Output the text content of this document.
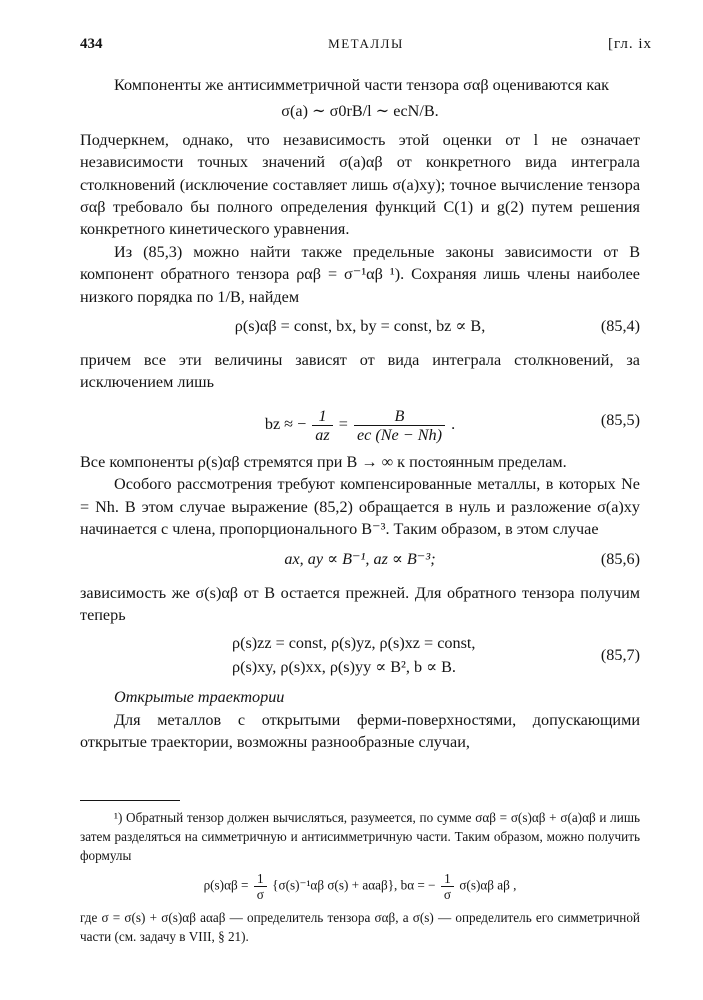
434	МЕТАЛЛЫ	[гл. ix

Компоненты же антисимметричной части тензора σαβ оцениваются как

σ(a) ∼ σ0rB/l ∼ ecN/B.

Подчеркнем, однако, что независимость этой оценки от l не означает независимости точных значений σ(a)αβ от конкретного вида интеграла столкновений (исключение составляет лишь σ(a)xy); точное вычисление тензора σαβ требовало бы полного определения функций C(1) и g(2) путем решения конкретного кинетического уравнения.

Из (85,3) можно найти также предельные законы зависимости от B компонент обратного тензора ραβ = σ⁻¹αβ ¹). Сохраняя лишь члены наиболее низкого порядка по 1/B, найдем

ρ(s)αβ = const, bx, by = const, bz ∝ B,	(85,4)

причем все эти величины зависят от вида интеграла столкновений, за исключением лишь

bz ≈ − $\frac{1}{az} = \frac{B}{ec (Ne - Nh)}$ .	(85,5)

Все компоненты ρ(s)αβ стремятся при B → ∞ к постоянным пределам.

Особого рассмотрения требуют компенсированные металлы, в которых Ne = Nh. В этом случае выражение (85,2) обращается в нуль и разложение σ(a)xy начинается с члена, пропорционального B⁻³. Таким образом, в этом случае

ax, ay ∝ B⁻¹, az ∝ B⁻³;	(85,6)

зависимость же σ(s)αβ от B остается прежней. Для обратного тензора получим теперь

ρ(s)zz = const, ρ(s)yz, ρ(s)xz = const,
ρ(s)xy, ρ(s)xx, ρ(s)yy ∝ B², b ∝ B.
(85,7)

Открытые траектории

Для металлов с открытыми ферми-поверхностями, допускающими открытые траектории, возможны разнообразные случаи,

¹) Обратный тензор должен вычисляться, разумеется, по сумме σαβ = σ(s)αβ + σ(a)αβ и лишь затем разделяться на симметричную и антисимметричную части. Таким образом, можно получить формулы

$\rho(s)\alpha\beta = \frac{1}{\sigma} \{\sigma(s)^{-1}\alpha\beta$ σ(s) + aαaβ}, bα = − $\frac{1}{\sigma} \sigma(s)\alpha\beta$ aβ ,

где σ = σ(s) + σ(s)αβ aαaβ — определитель тензора σαβ, а σ(s) — определитель его симметричной части (см. задачу в VIII, § 21).
